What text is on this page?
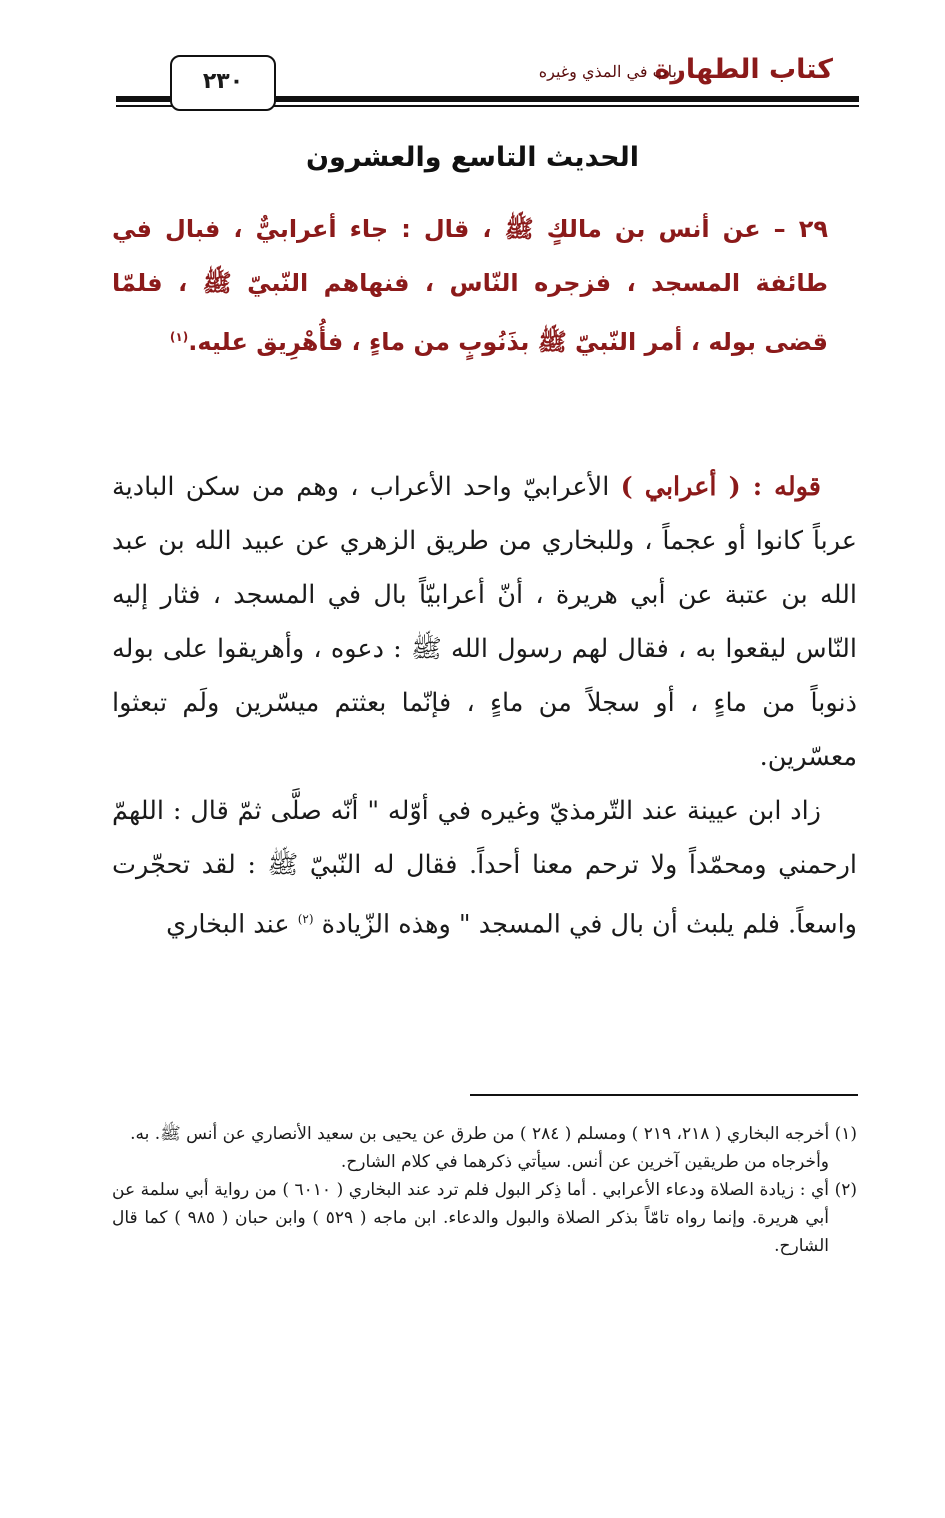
كتاب الطهارة
باب في المذي وغيره
٢٣٠
الحديث التاسع والعشرون
٢٩ – عن أنس بن مالكٍ ﷺ ، قال : جاء أعرابيٌّ ، فبال في طائفة المسجد ، فزجره النّاس ، فنهاهم النّبيّ ﷺ ، فلمّا قضى بوله ، أمر النّبيّ ﷺ بذَنُوبٍ من ماءٍ ، فأُهْرِيق عليه.$^{(١)}$

قوله : ( أعرابي ) الأعرابيّ واحد الأعراب ، وهم من سكن البادية عرباً كانوا أو عجماً ، وللبخاري من طريق الزهري عن عبيد الله بن عبد الله بن عتبة عن أبي هريرة ، أنّ أعرابيّاً بال في المسجد ، فثار إليه النّاس ليقعوا به ، فقال لهم رسول الله ﷺ : دعوه ، وأهريقوا على بوله ذنوباً من ماءٍ ، أو سجلاً من ماءٍ ، فإنّما بعثتم ميسّرين ولَم تبعثوا معسّرين.

زاد ابن عيينة عند التّرمذيّ وغيره في أوّله " أنّه صلَّى ثمّ قال : اللهمّ ارحمني ومحمّداً ولا ترحم معنا أحداً. فقال له النّبيّ ﷺ : لقد تحجّرت واسعاً. فلم يلبث أن بال في المسجد " وهذه الزّيادة $^{(٢)}$ عند البخاري

(١) أخرجه البخاري ( ٢١٨، ٢١٩ ) ومسلم ( ٢٨٤ ) من طرق عن يحيى بن سعيد الأنصاري عن أنس ﷺ. به.

وأخرجاه من طريقين آخرين عن أنس. سيأتي ذكرهما في كلام الشارح.

(٢) أي : زيادة الصلاة ودعاء الأعرابي . أما ذِكر البول فلم ترد عند البخاري ( ٦٠١٠ ) من رواية أبي سلمة عن أبي هريرة. وإنما رواه تامّاً بذكر الصلاة والبول والدعاء. ابن ماجه ( ٥٢٩ ) وابن حبان ( ٩٨٥ ) كما قال الشارح.
